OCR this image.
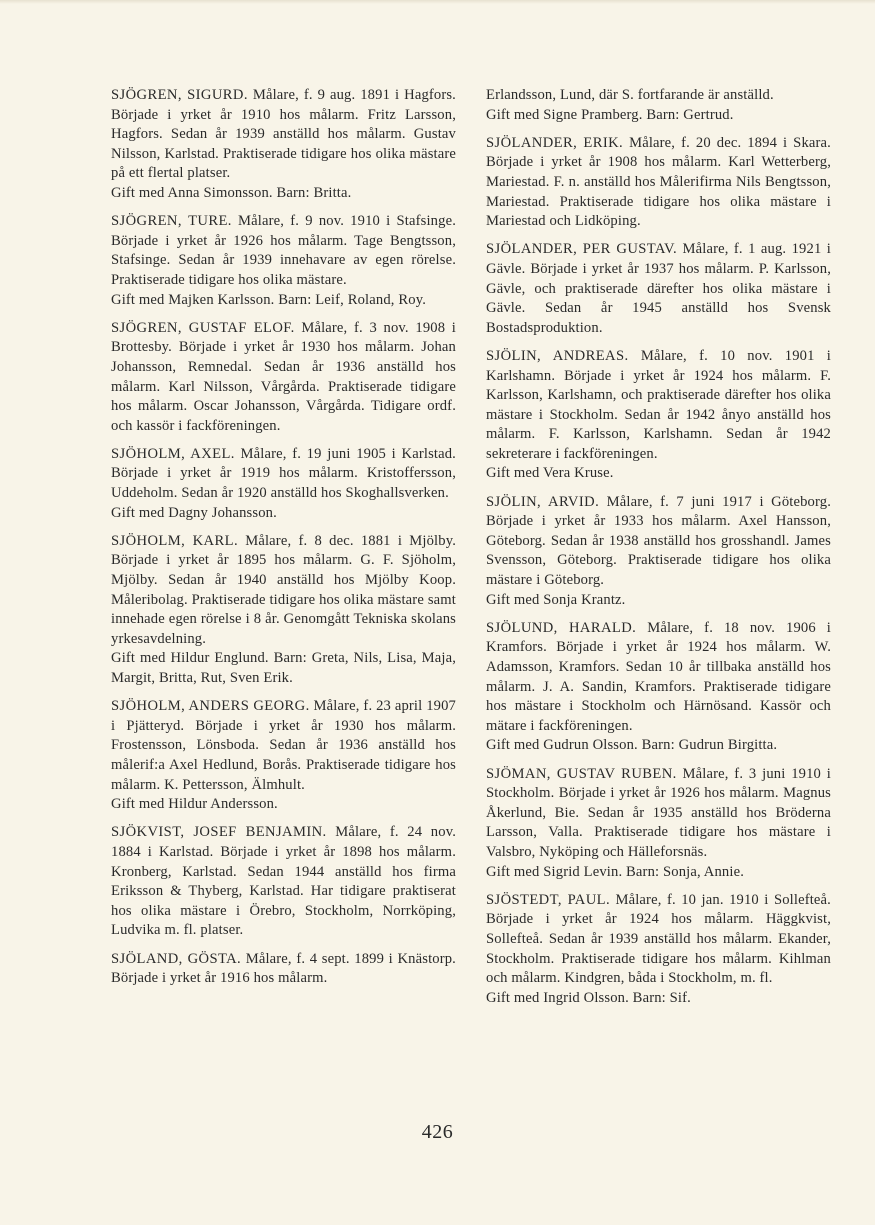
SJÖGREN, SIGURD. Målare, f. 9 aug. 1891 i Hagfors. Började i yrket år 1910 hos målarm. Fritz Larsson, Hagfors. Sedan år 1939 anställd hos målarm. Gustav Nilsson, Karlstad. Praktiserade tidigare hos olika mästare på ett flertal platser.

Gift med Anna Simonsson. Barn: Britta.

SJÖGREN, TURE. Målare, f. 9 nov. 1910 i Stafsinge. Började i yrket år 1926 hos målarm. Tage Bengtsson, Stafsinge. Sedan år 1939 innehavare av egen rörelse. Praktiserade tidigare hos olika mästare.

Gift med Majken Karlsson. Barn: Leif, Roland, Roy.

SJÖGREN, GUSTAF ELOF. Målare, f. 3 nov. 1908 i Brottesby. Började i yrket år 1930 hos målarm. Johan Johansson, Remnedal. Sedan år 1936 anställd hos målarm. Karl Nilsson, Vårgårda. Praktiserade tidigare hos målarm. Oscar Johansson, Vårgårda. Tidigare ordf. och kassör i fackföreningen.

SJÖHOLM, AXEL. Målare, f. 19 juni 1905 i Karlstad. Började i yrket år 1919 hos målarm. Kristoffersson, Uddeholm. Sedan år 1920 anställd hos Skoghallsverken.

Gift med Dagny Johansson.

SJÖHOLM, KARL. Målare, f. 8 dec. 1881 i Mjölby. Började i yrket år 1895 hos målarm. G. F. Sjöholm, Mjölby. Sedan år 1940 anställd hos Mjölby Koop. Måleribolag. Praktiserade tidigare hos olika mästare samt innehade egen rörelse i 8 år. Genomgått Tekniska skolans yrkesavdelning.

Gift med Hildur Englund. Barn: Greta, Nils, Lisa, Maja, Margit, Britta, Rut, Sven Erik.

SJÖHOLM, ANDERS GEORG. Målare, f. 23 april 1907 i Pjätteryd. Började i yrket år 1930 hos målarm. Frostensson, Lönsboda. Sedan år 1936 anställd hos målerif:a Axel Hedlund, Borås. Praktiserade tidigare hos målarm. K. Pettersson, Älmhult.

Gift med Hildur Andersson.

SJÖKVIST, JOSEF BENJAMIN. Målare, f. 24 nov. 1884 i Karlstad. Började i yrket år 1898 hos målarm. Kronberg, Karlstad. Sedan 1944 anställd hos firma Eriksson & Thyberg, Karlstad. Har tidigare praktiserat hos olika mästare i Örebro, Stockholm, Norrköping, Ludvika m. fl. platser.

SJÖLAND, GÖSTA. Målare, f. 4 sept. 1899 i Knästorp. Började i yrket år 1916 hos målarm.

Erlandsson, Lund, där S. fortfarande är anställd.

Gift med Signe Pramberg. Barn: Gertrud.

SJÖLANDER, ERIK. Målare, f. 20 dec. 1894 i Skara. Började i yrket år 1908 hos målarm. Karl Wetterberg, Mariestad. F. n. anställd hos Målerifirma Nils Bengtsson, Mariestad. Praktiserade tidigare hos olika mästare i Mariestad och Lidköping.

SJÖLANDER, PER GUSTAV. Målare, f. 1 aug. 1921 i Gävle. Började i yrket år 1937 hos målarm. P. Karlsson, Gävle, och praktiserade därefter hos olika mästare i Gävle. Sedan år 1945 anställd hos Svensk Bostadsproduktion.

SJÖLIN, ANDREAS. Målare, f. 10 nov. 1901 i Karlshamn. Började i yrket år 1924 hos målarm. F. Karlsson, Karlshamn, och praktiserade därefter hos olika mästare i Stockholm. Sedan år 1942 ånyo anställd hos målarm. F. Karlsson, Karlshamn. Sedan år 1942 sekreterare i fackföreningen.

Gift med Vera Kruse.

SJÖLIN, ARVID. Målare, f. 7 juni 1917 i Göteborg. Började i yrket år 1933 hos målarm. Axel Hansson, Göteborg. Sedan år 1938 anställd hos grosshandl. James Svensson, Göteborg. Praktiserade tidigare hos olika mästare i Göteborg.

Gift med Sonja Krantz.

SJÖLUND, HARALD. Målare, f. 18 nov. 1906 i Kramfors. Började i yrket år 1924 hos målarm. W. Adamsson, Kramfors. Sedan 10 år tillbaka anställd hos målarm. J. A. Sandin, Kramfors. Praktiserade tidigare hos mästare i Stockholm och Härnösand. Kassör och mätare i fackföreningen.

Gift med Gudrun Olsson. Barn: Gudrun Birgitta.

SJÖMAN, GUSTAV RUBEN. Målare, f. 3 juni 1910 i Stockholm. Började i yrket år 1926 hos målarm. Magnus Åkerlund, Bie. Sedan år 1935 anställd hos Bröderna Larsson, Valla. Praktiserade tidigare hos mästare i Valsbro, Nyköping och Hälleforsnäs.

Gift med Sigrid Levin. Barn: Sonja, Annie.

SJÖSTEDT, PAUL. Målare, f. 10 jan. 1910 i Sollefteå. Började i yrket år 1924 hos målarm. Häggkvist, Sollefteå. Sedan år 1939 anställd hos målarm. Ekander, Stockholm. Praktiserade tidigare hos målarm. Kihlman och målarm. Kindgren, båda i Stockholm, m. fl.

Gift med Ingrid Olsson. Barn: Sif.

426
